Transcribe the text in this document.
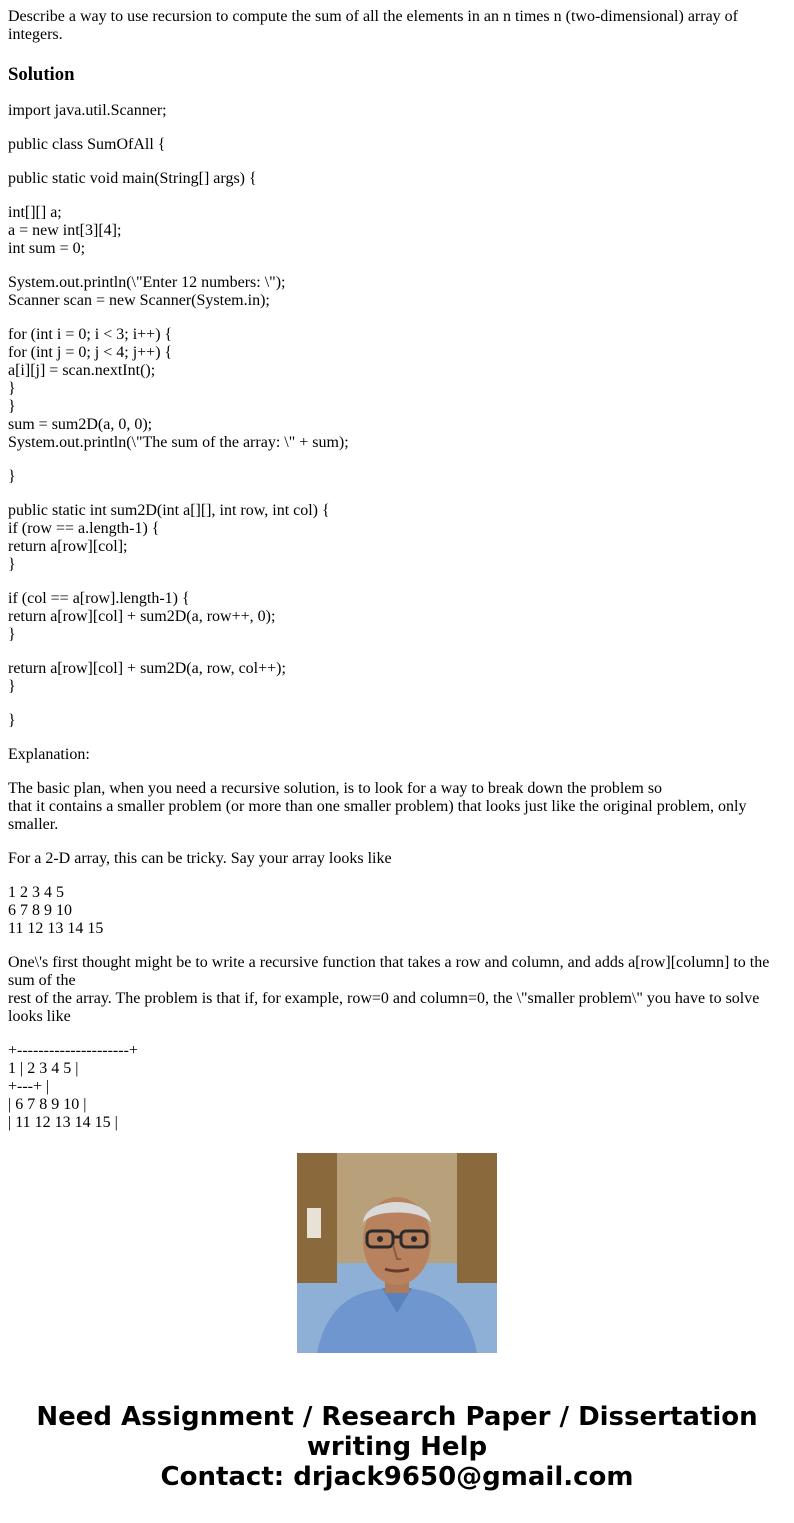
Describe a way to use recursion to compute the sum of all the elements in an n times n (two-dimensional) array of integers.

Solution

import java.util.Scanner;

public class SumOfAll {

public static void main(String[] args) {

int[][] a;
a = new int[3][4];
int sum = 0;

System.out.println(\"Enter 12 numbers: \");
Scanner scan = new Scanner(System.in);

for (int i = 0; i < 3; i++) {
for (int j = 0; j < 4; j++) {
a[i][j] = scan.nextInt();
}
}
sum = sum2D(a, 0, 0);
System.out.println(\"The sum of the array: \" + sum);

}

public static int sum2D(int a[][], int row, int col) {
if (row == a.length-1) {
return a[row][col];
}

if (col == a[row].length-1) {
return a[row][col] + sum2D(a, row++, 0);
}

return a[row][col] + sum2D(a, row, col++);
}

}

Explanation:

The basic plan, when you need a recursive solution, is to look for a way to break down the problem so
that it contains a smaller problem (or more than one smaller problem) that looks just like the original problem, only smaller.

For a 2-D array, this can be tricky. Say your array looks like

1 2 3 4 5
6 7 8 9 10
11 12 13 14 15

One\'s first thought might be to write a recursive function that takes a row and column, and adds a[row][column] to the sum of the
rest of the array. The problem is that if, for example, row=0 and column=0, the \"smaller problem\" you have to solve looks like

+---------------------+
1 | 2 3 4 5 |
+---+ |
| 6 7 8 9 10 |
| 11 12 13 14 15 |

Need Assignment / Research Paper / Dissertation
writing Help
Contact: drjack9650@gmail.com
